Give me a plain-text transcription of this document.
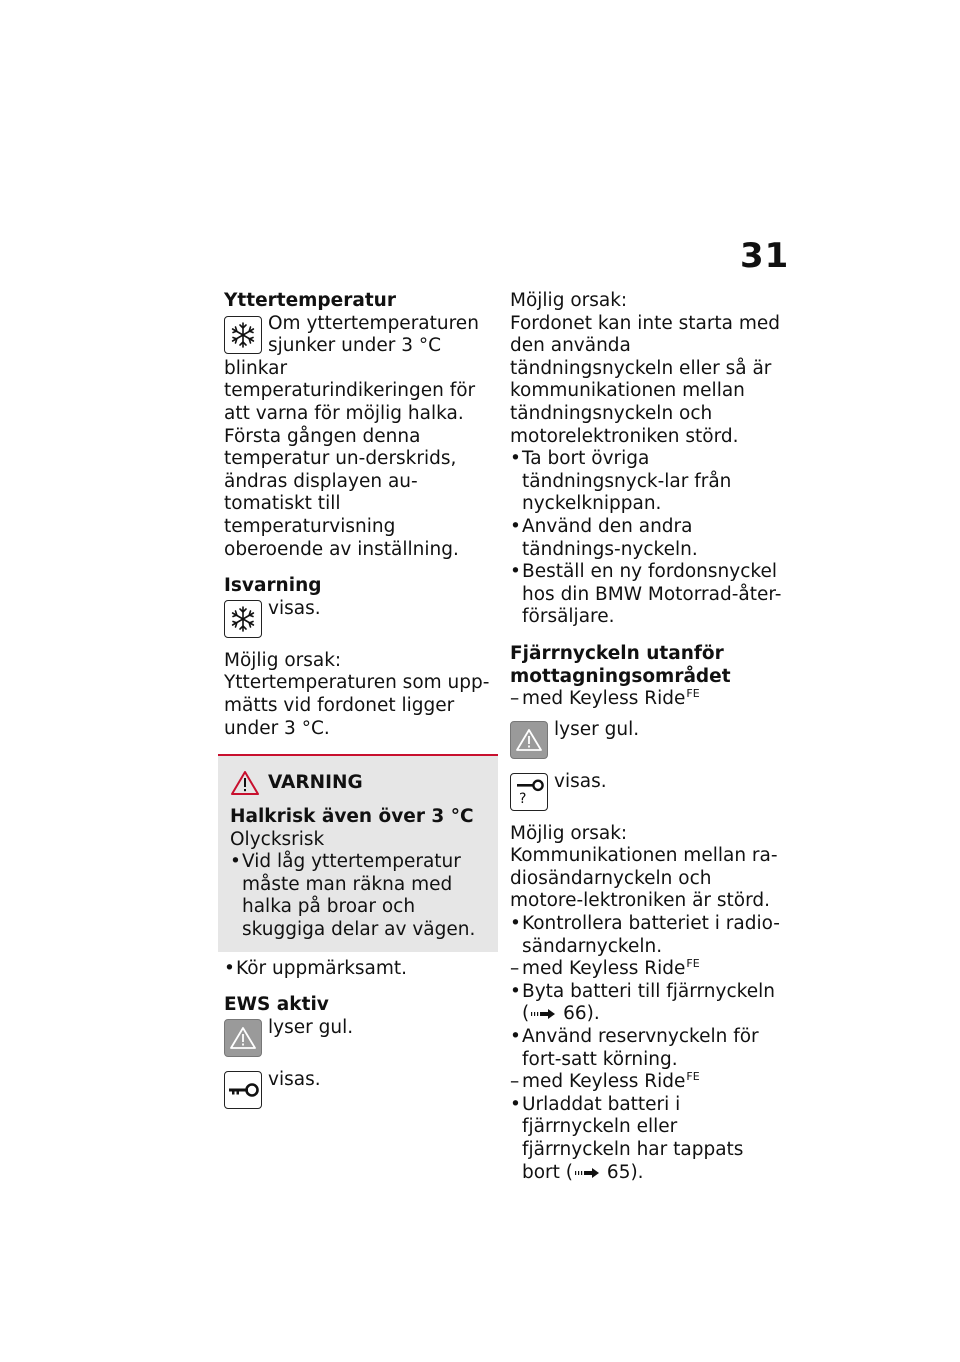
31
Yttertemperatur
Om yttertemperaturen
sjunker under 3 °C blinkar
temperaturindikeringen för att varna för möjlig halka. Första gången denna temperatur un-derskrids, ändras displayen au-tomatiskt till temperaturvisning oberoende av inställning.
Isvarning
visas.
Möjlig orsak:
Yttertemperaturen som upp-mätts vid fordonet ligger under 3 °C.
VARNING
Halkrisk även över 3 °C
Olycksrisk
• Vid låg yttertemperatur måste man räkna med halka på broar och skuggiga delar av vägen.
• Kör uppmärksamt.
EWS aktiv
lyser gul.
visas.
Möjlig orsak:
Fordonet kan inte starta med den använda tändningsnyckeln eller så är kommunikationen mellan tändningsnyckeln och motorelektroniken störd.
• Ta bort övriga tändningsnyck-lar från nyckelknippan.
• Använd den andra tändnings-nyckeln.
• Beställ en ny fordonsnyckel hos din BMW Motorrad-åter-försäljare.
Fjärrnyckeln utanför mottagningsområdet
– med Keyless Ride$^{FE}$
lyser gul.
?
visas.
Möjlig orsak:
Kommunikationen mellan ra-diosändarnyckeln och motore-lektroniken är störd.
• Kontrollera batteriet i radio-sändarnyckeln.
– med Keyless Ride$^{FE}$
• Byta batteri till fjärrnyckeln
( 66).
• Använd reservnyckeln för fort-satt körning.
– med Keyless Ride$^{FE}$
• Urladdat batteri i fjärrnyckeln eller fjärrnyckeln har tappats bort ( 65).
